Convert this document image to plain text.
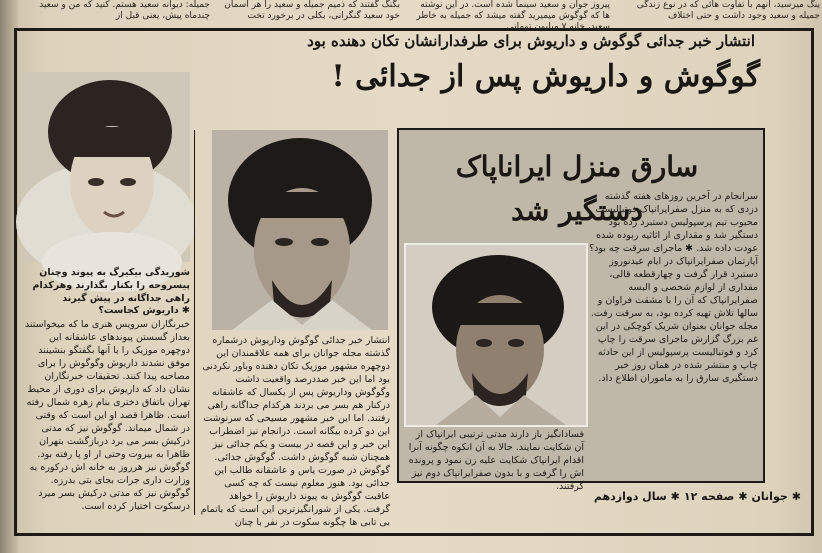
ینگ میرسید، انهم با تفاوت هائی که در نوع زندگی جمیله و سعید وجود داشت و حتی اختلاف
پیروز جوان و سعید سینما شده است. در این نوشته ها که گوگوش میمیرید گفته میشد که جمیله به خاطر سعید، خانه ۷ میلیون تومانی
بگنگ گفتند که ذمیم جمیله و سعید را هر آسمان خود سعید گنگرانی، بکلی در برخورد تخت
جمیله: دیوانه سعید هستم. کنید که من و سعید چندماه پیش، یعنی قبل از
انتشار خبر جدائی گوگوش و داریوش برای طرفدارانشان تکان دهنده بود
گوگوش و داریوش پس از جدائی !
سارق منزل ایراناپاک دستگیر شد
سرانجام در آخرین روزهای هفته گذشته دزدی که به منزل صفرایرانپاک فوتبالیست محبوب تیم پرسپولیس دستبرد زده بود دستگیر شد و مقداری از اثاثیه ربوده شده عودت داده شد. ✱ ماجرای سرقت چه بود؟ آپارتمان صفرایرانپاک در ایام عیدنوروز دستبرد قرار گرفت و چهارقطعه قالی، مقداری از لوازم شخصی و البسه صفرایرانپاک که آن را با مشقت فراوان و سالها تلاش تهیه کرده بود، به سرقت رفت. مجله جوانان بعنوان شریک کوچکی در این غم بزرگ گزارش ماجرای سرقت را چاپ کرد و فوتبالیست پرسپولیس از این حادثه چاپ و منتشر شده در همان روز خبر دستگیری سارق را به ماموران اطلاع داد.
فسادانگیز باز دارند مدتی ترتیبی ایرانپاک از آن شکایت نمایند. حالا به آن انکوه چگونه آنرا اقدام ایرانپاک شکایت علیه زن نمود و پرونده اش را گرفت و با بدون صفرایرانپاک دوم نیز گرفتند.
شوریدگی بیکیرگ به پیوند وچنان پیسروحه را بکنار بگذارند وهرکدام راهی جداگانه در پیش گیرند
✱ داریوش کجاست؟
خبرنگاران سرویس هنری ما که میخواستند بعداز گسستن پیوندهای عاشقانه این دوچهره موزیک را با آنها بگفتگو بنشینند موفق نشدند داریوش وگوگوش را برای مصاحبه پیدا کنند. تحقیقات خبرنگاران نشان داد که داریوش برای دوری از محیط تهران باتفاق دختری بنام زهره شمال رفته است. ظاهرا قصد او این است که وقتی در شمال میماند. گوگوش نیز که مدتی درکیش بسر می برد دربازگشت بتهران ظاهرا به بیروت وحتی ار او پا رفته بود. گوگوش نیز هرروز به خانه اش درکوره به وزارت داری جرات بجای بتی بدرزه. گوگوش نیز که مدتی درکیش بسر میرد درسکوت اختیار کرده است.
انتشار خبر جدائی گوگوش وداریوش درشماره گذشته مجله جوانان برای همه علاقمندان این دوچهره مشهور موزیک تکان دهنده وباور نکردنی بود اما این خبر صددرصد واقعیت داشت وگوگوش وداریوش پس از یکسال که عاشقانه درکنار هم بسر می بردند هرکدام جداگانه راهی رفتند. اما این خبر مشهور مسیحی که سرنوشت این دو کرده بیگانه است. درانجام نیز اضطراب این خبر و این قصه در بیست و یکم جدائی نیز همچنان شبه گوگوش داشت. گوگوش جدائی. گوگوش در صورت یاس و عاشقانه طالب این جدائی بود. هنوز معلوم نیست که چه کسی عاقبت گوگوش به پیوند داریوش را خواهد گرفت. یکی از شورانگیزترین این است که باتمام بی تابی ها چگونه سکوت در نفر با چنان
✱جوانان✱صفحه ۱۲✱سال دوازدهم
